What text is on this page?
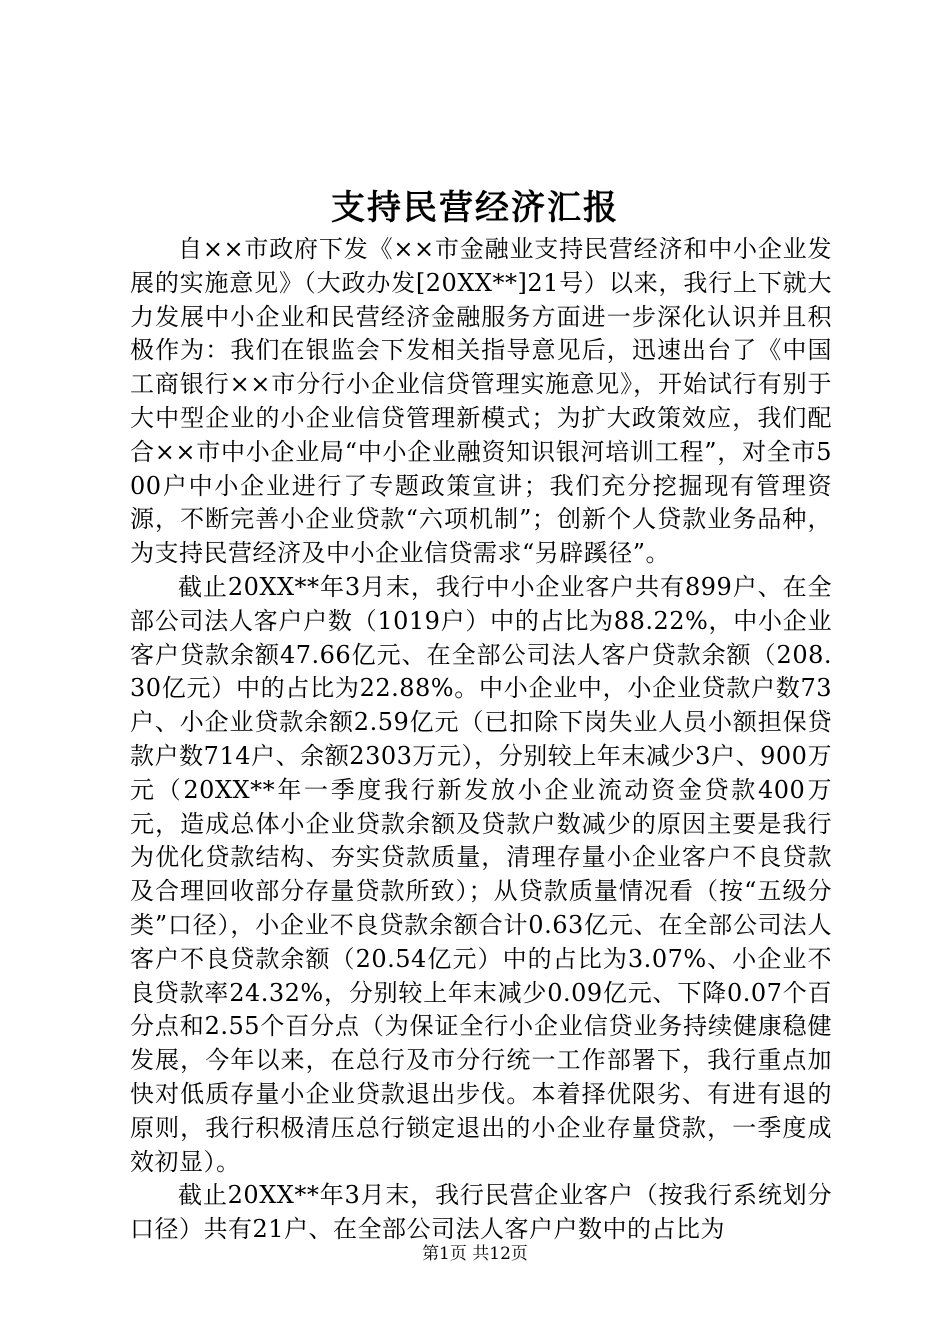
支持民营经济汇报

自××市政府下发《××市金融业支持民营经济和中小企业发展的实施意见》（大政办发[20XX**]21号）以来，我行上下就大力发展中小企业和民营经济金融服务方面进一步深化认识并且积极作为：我们在银监会下发相关指导意见后，迅速出台了《中国工商银行××市分行小企业信贷管理实施意见》，开始试行有别于大中型企业的小企业信贷管理新模式；为扩大政策效应，我们配合××市中小企业局“中小企业融资知识银河培训工程”，对全市500户中小企业进行了专题政策宣讲；我们充分挖掘现有管理资源，不断完善小企业贷款“六项机制”；创新个人贷款业务品种，为支持民营经济及中小企业信贷需求“另辟蹊径”。

截止20XX**年3月末，我行中小企业客户共有899户、在全部公司法人客户户数（1019户）中的占比为88.22%，中小企业客户贷款余额47.66亿元、在全部公司法人客户贷款余额（208.30亿元）中的占比为22.88%。中小企业中，小企业贷款户数73户、小企业贷款余额2.59亿元（已扣除下岗失业人员小额担保贷款户数714户、余额2303万元），分别较上年末减少3户、900万元（20XX**年一季度我行新发放小企业流动资金贷款400万元，造成总体小企业贷款余额及贷款户数减少的原因主要是我行为优化贷款结构、夯实贷款质量，清理存量小企业客户不良贷款及合理回收部分存量贷款所致）；从贷款质量情况看（按“五级分类”口径），小企业不良贷款余额合计0.63亿元、在全部公司法人客户不良贷款余额（20.54亿元）中的占比为3.07%、小企业不良贷款率24.32%，分别较上年末减少0.09亿元、下降0.07个百分点和2.55个百分点（为保证全行小企业信贷业务持续健康稳健发展，今年以来，在总行及市分行统一工作部署下，我行重点加快对低质存量小企业贷款退出步伐。本着择优限劣、有进有退的原则，我行积极清压总行锁定退出的小企业存量贷款，一季度成效初显）。

截止20XX**年3月末，我行民营企业客户（按我行系统划分口径）共有21户、在全部公司法人客户户数中的占比为

第1页 共12页
